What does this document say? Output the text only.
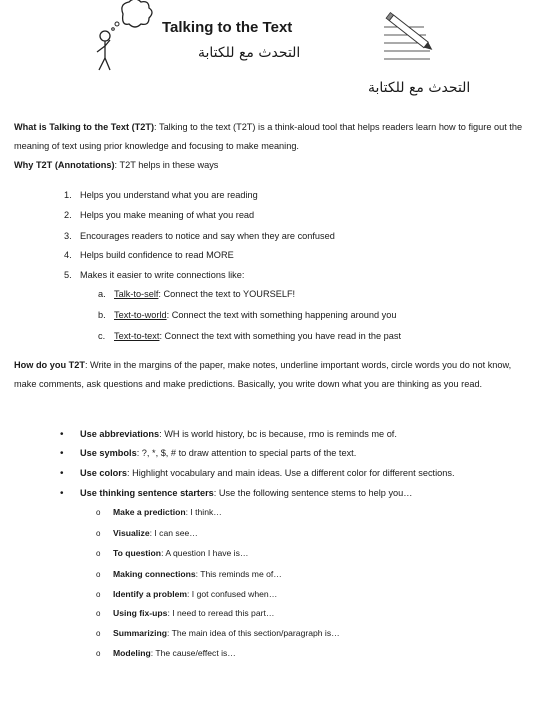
Talking to the Text
التحدث مع للكتابة
التحدث مع للكتابة
What is Talking to the Text (T2T): Talking to the text (T2T) is a think-aloud tool that helps readers learn how to figure out the meaning of text using prior knowledge and focusing to make meaning.
Why T2T (Annotations): T2T helps in these ways
1. Helps you understand what you are reading
2. Helps you make meaning of what you read
3. Encourages readers to notice and say when they are confused
4. Helps build confidence to read MORE
5. Makes it easier to write connections like:
a. Talk-to-self: Connect the text to YOURSELF!
b. Text-to-world: Connect the text with something happening around you
c. Text-to-text: Connect the text with something you have read in the past
How do you T2T: Write in the margins of the paper, make notes, underline important words, circle words you do not know, make comments, ask questions and make predictions. Basically, you write down what you are thinking as you read.
• Use abbreviations: WH is world history, bc is because, rmo is reminds me of.
• Use symbols: ?, *, $, # to draw attention to special parts of the text.
• Use colors: Highlight vocabulary and main ideas. Use a different color for different sections.
• Use thinking sentence starters: Use the following sentence stems to help you…
o Make a prediction: I think…
o Visualize: I can see…
o To question: A question I have is…
o Making connections: This reminds me of…
o Identify a problem: I got confused when…
o Using fix-ups: I need to reread this part…
o Summarizing: The main idea of this section/paragraph is…
o Modeling: The cause/effect is…
